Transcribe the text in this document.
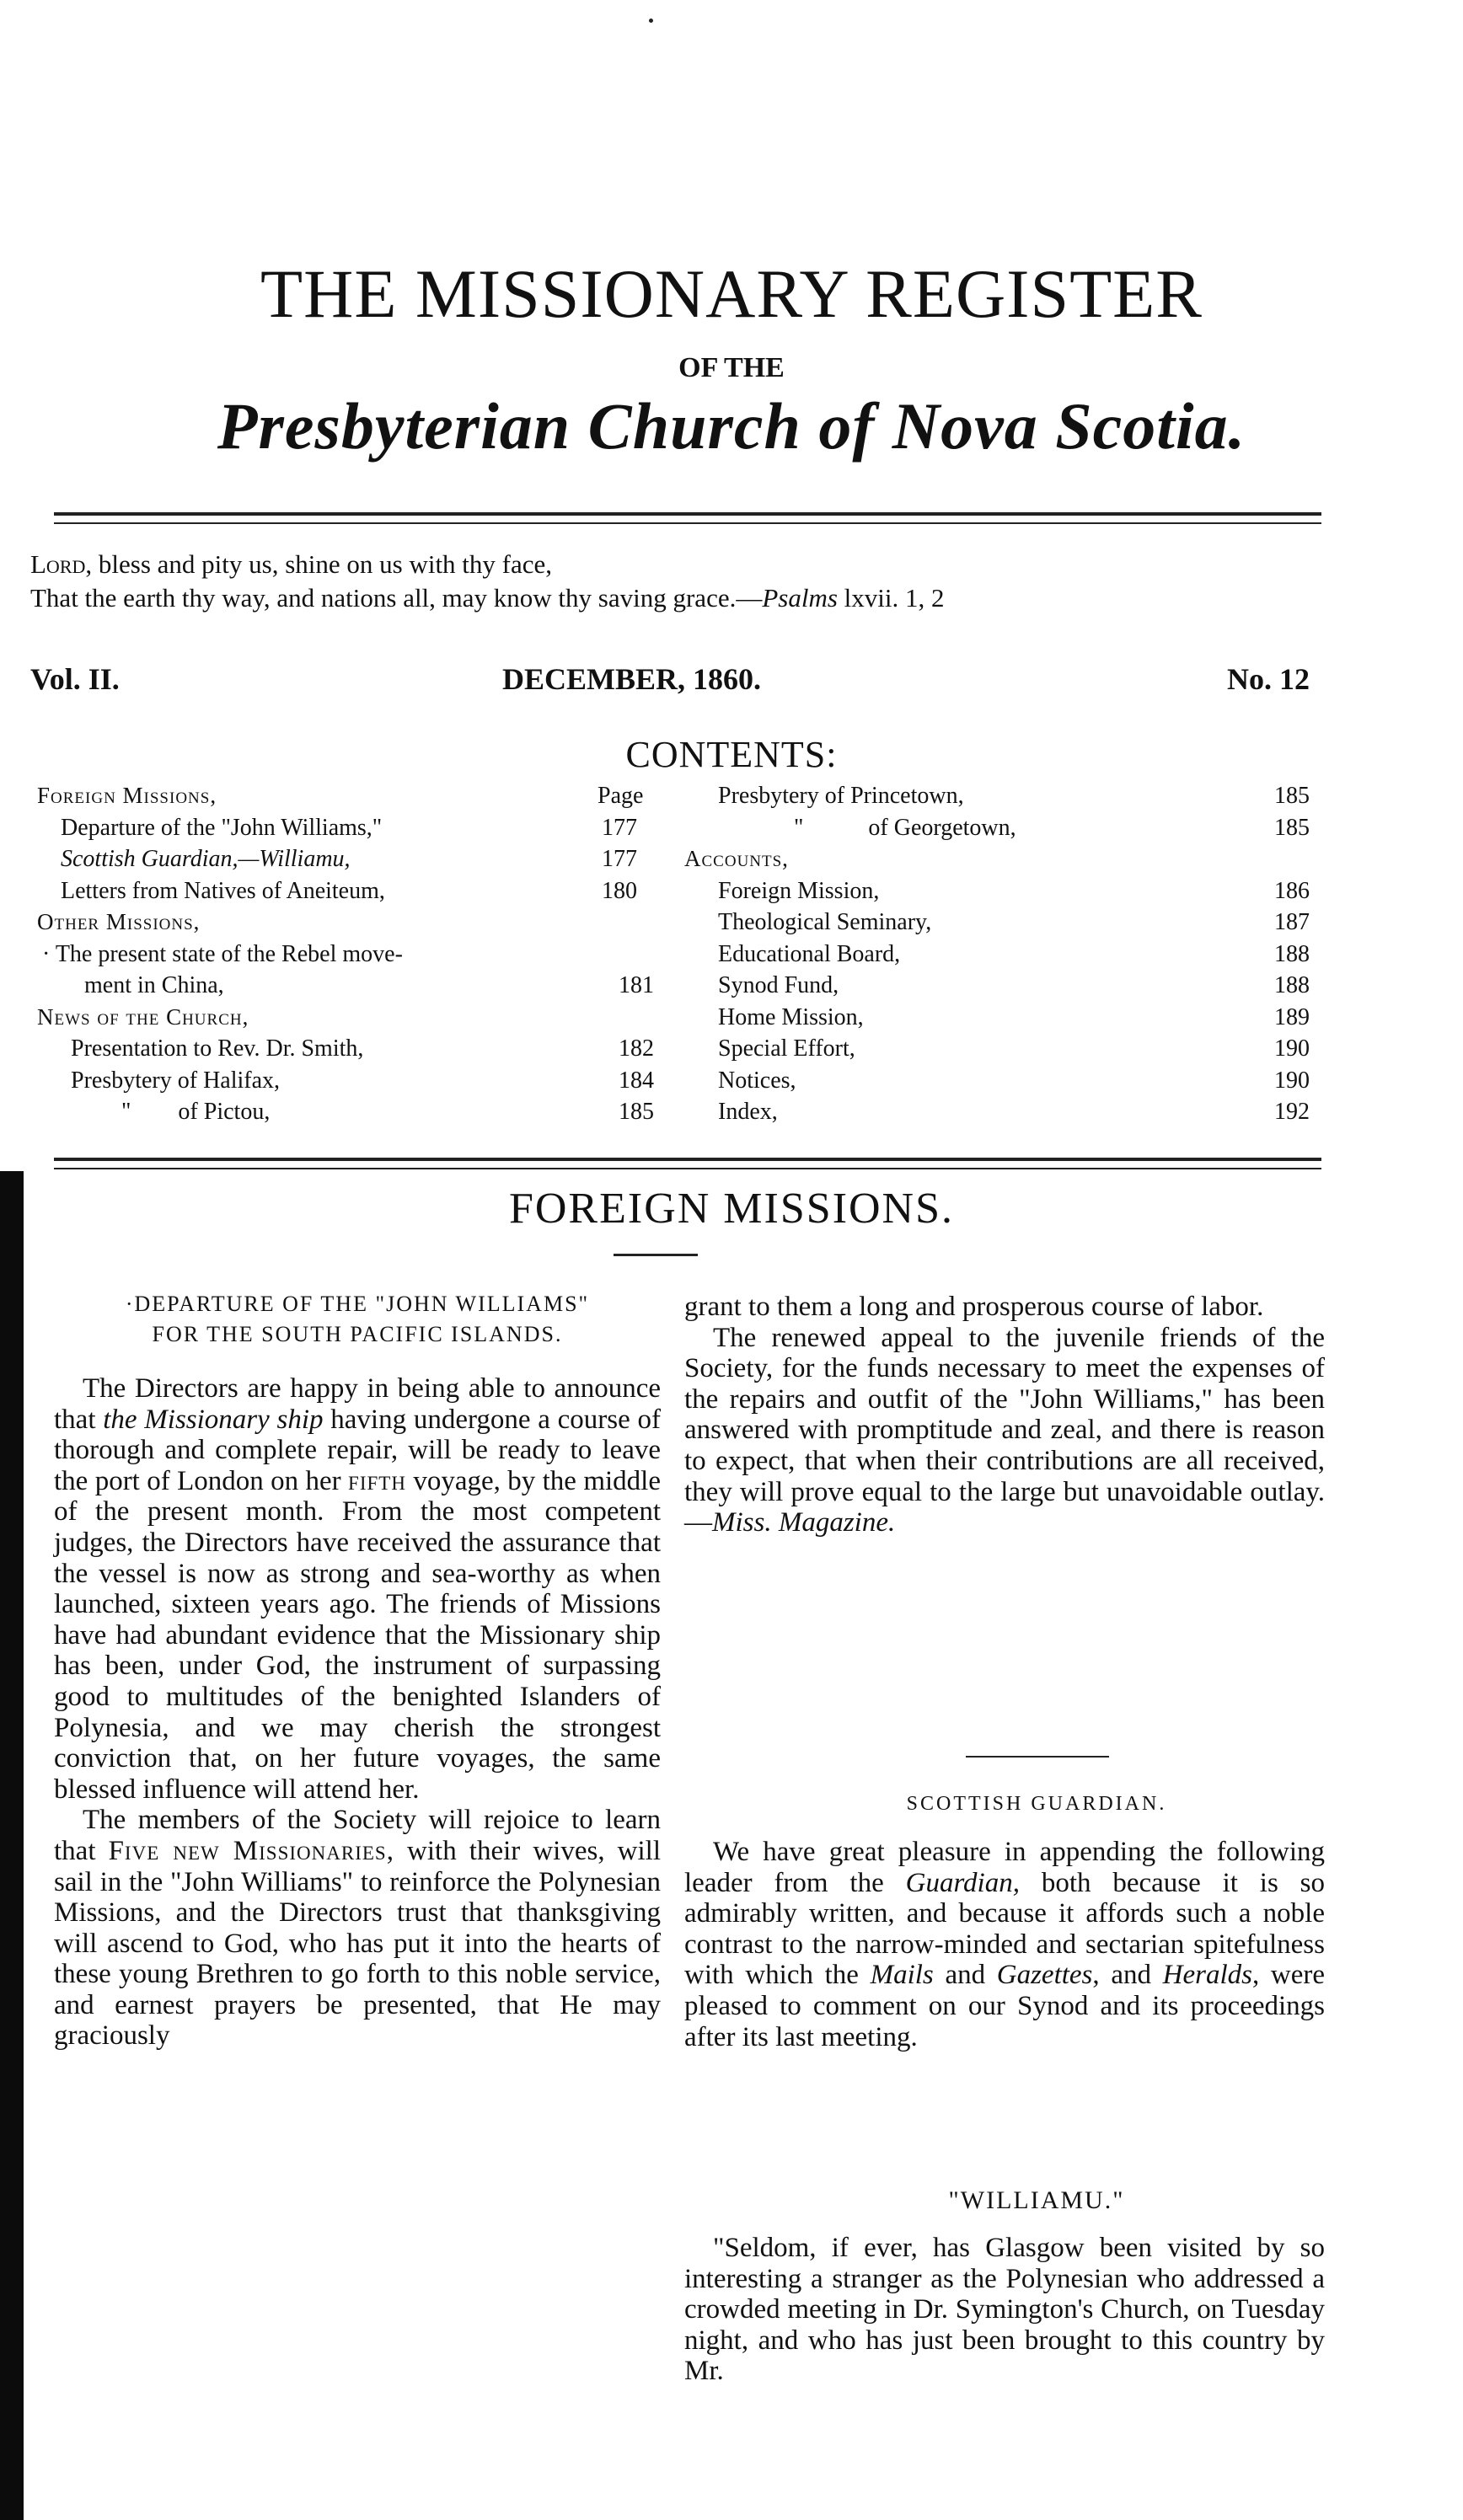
THE MISSIONARY REGISTER
OF THE
Presbyterian Church of Nova Scotia.
Lord, bless and pity us, shine on us with thy face,
That the earth thy way, and nations all, may know thy saving grace.—Psalms lxvii. 1, 2
Vol. II.	DECEMBER, 1860.	No. 12
CONTENTS:
Page
Foreign Missions,
Departure of the "John Williams,"	177
Scottish Guardian,—Williamu,	177
Letters from Natives of Aneiteum,	180
Other Missions,
· The present state of the Rebel move-
ment in China,	181
News of the Church,
Presentation to Rev. Dr. Smith,	182
Presbytery of Halifax,	184
"        of Pictou,	185
Presbytery of Princetown,	185
"           of Georgetown,	185
Accounts,
Foreign Mission,	186
Theological Seminary,	187
Educational Board,	188
Synod Fund,	188
Home Mission,	189
Special Effort,	190
Notices,	190
Index,	192
FOREIGN MISSIONS.
·DEPARTURE OF THE "JOHN WILLIAMS"
FOR THE SOUTH PACIFIC ISLANDS.

The Directors are happy in being able to announce that the Missionary ship having undergone a course of thorough and complete repair, will be ready to leave the port of London on her fifth voyage, by the middle of the present month. From the most competent judges, the Directors have received the assurance that the vessel is now as strong and sea-worthy as when launched, sixteen years ago. The friends of Missions have had abundant evidence that the Missionary ship has been, under God, the instrument of surpassing good to multitudes of the benighted Islanders of Polynesia, and we may cherish the strongest conviction that, on her future voyages, the same blessed influence will attend her.

The members of the Society will rejoice to learn that Five new Missionaries, with their wives, will sail in the "John Williams" to reinforce the Polynesian Missions, and the Directors trust that thanksgiving will ascend to God, who has put it into the hearts of these young Brethren to go forth to this noble service, and earnest prayers be presented, that He may graciously

grant to them a long and prosperous course of labor.

The renewed appeal to the juvenile friends of the Society, for the funds necessary to meet the expenses of the repairs and outfit of the "John Williams," has been answered with promptitude and zeal, and there is reason to expect, that when their contributions are all received, they will prove equal to the large but unavoidable outlay.—Miss. Magazine.

SCOTTISH GUARDIAN.

We have great pleasure in appending the following leader from the Guardian, both because it is so admirably written, and because it affords such a noble contrast to the narrow-minded and sectarian spitefulness with which the Mails and Gazettes, and Heralds, were pleased to comment on our Synod and its proceedings after its last meeting.

"WILLIAMU."

"Seldom, if ever, has Glasgow been visited by so interesting a stranger as the Polynesian who addressed a crowded meeting in Dr. Symington's Church, on Tuesday night, and who has just been brought to this country by Mr.
